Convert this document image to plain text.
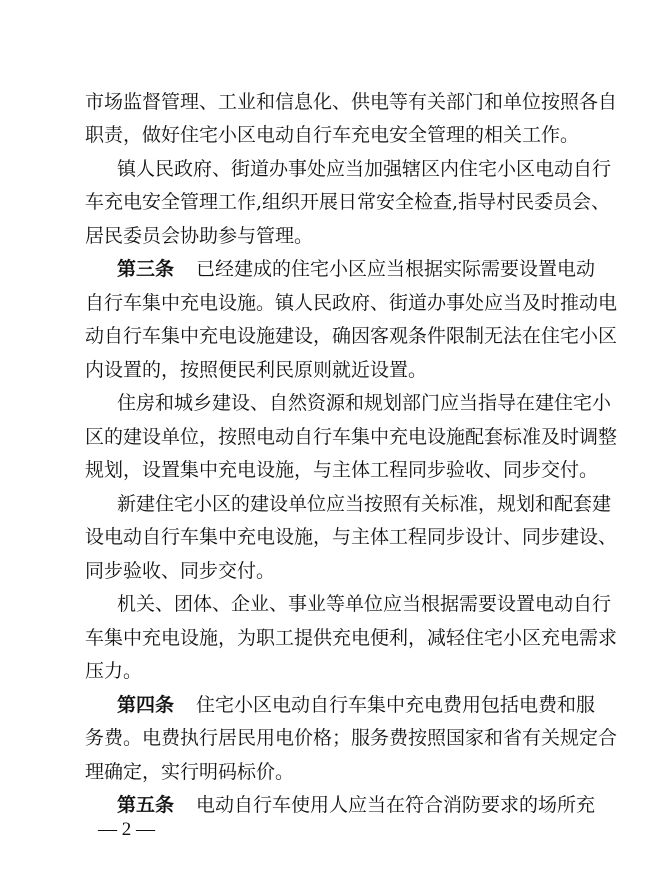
市场监督管理、工业和信息化、供电等有关部门和单位按照各自
职责，做好住宅小区电动自行车充电安全管理的相关工作。
镇人民政府、街道办事处应当加强辖区内住宅小区电动自行
车充电安全管理工作,组织开展日常安全检查,指导村民委员会、
居民委员会协助参与管理。
第三条 已经建成的住宅小区应当根据实际需要设置电动
自行车集中充电设施。镇人民政府、街道办事处应当及时推动电
动自行车集中充电设施建设，确因客观条件限制无法在住宅小区
内设置的，按照便民利民原则就近设置。
住房和城乡建设、自然资源和规划部门应当指导在建住宅小
区的建设单位，按照电动自行车集中充电设施配套标准及时调整
规划，设置集中充电设施，与主体工程同步验收、同步交付。
新建住宅小区的建设单位应当按照有关标准，规划和配套建
设电动自行车集中充电设施，与主体工程同步设计、同步建设、
同步验收、同步交付。
机关、团体、企业、事业等单位应当根据需要设置电动自行
车集中充电设施，为职工提供充电便利，减轻住宅小区充电需求
压力。
第四条 住宅小区电动自行车集中充电费用包括电费和服
务费。电费执行居民用电价格；服务费按照国家和省有关规定合
理确定，实行明码标价。
第五条 电动自行车使用人应当在符合消防要求的场所充
— 2 —
